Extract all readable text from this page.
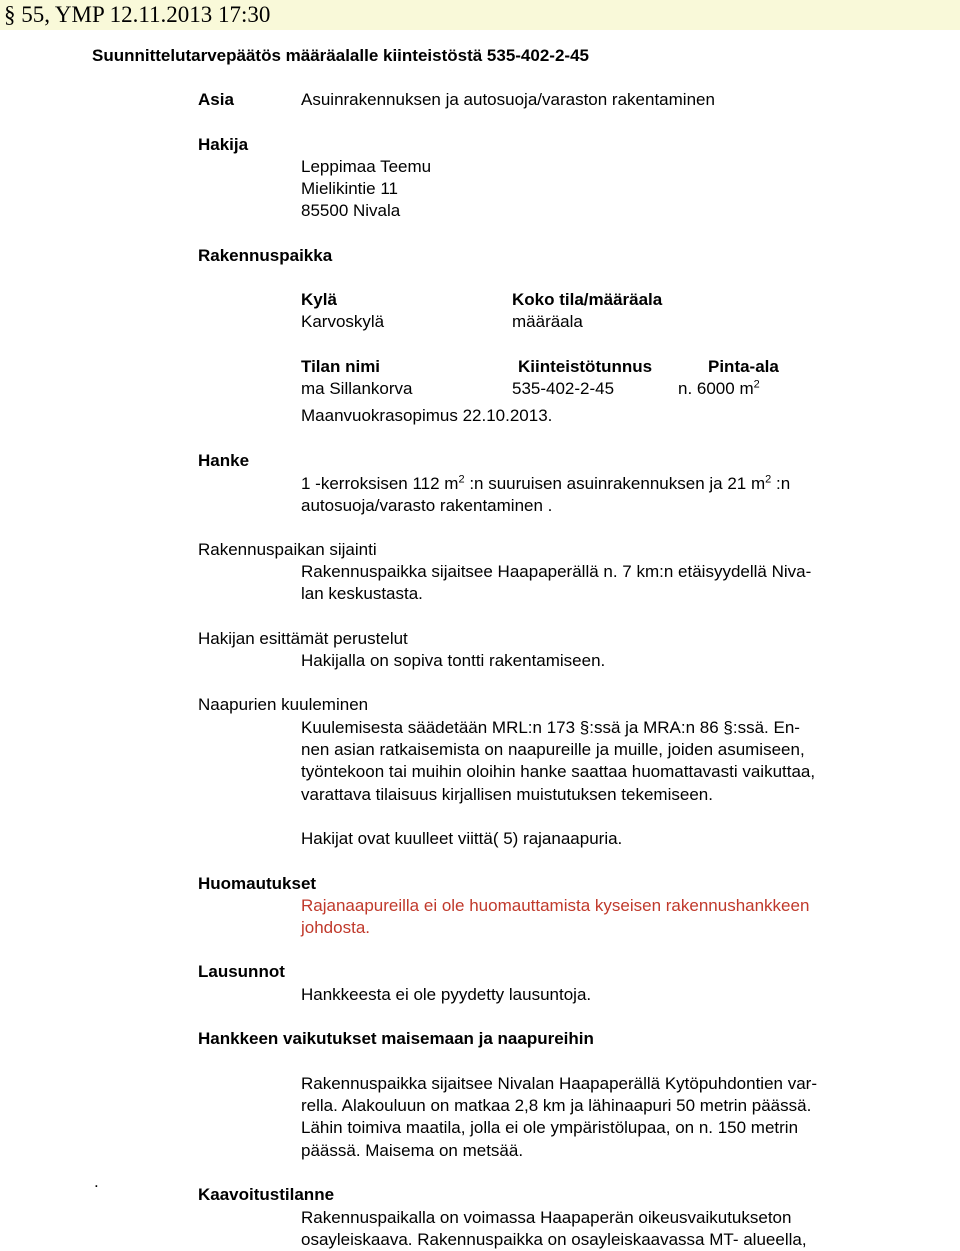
§ 55, YMP 12.11.2013 17:30
Suunnittelutarvepäätös määräalalle kiinteistöstä 535-402-2-45
Asia	Asuinrakennuksen ja autosuoja/varaston rakentaminen
Hakija
Leppimaa Teemu
Mielikintie 11
85500 Nivala
Rakennuspaikka
Kylä	Koko tila/määräala
Karvoskylä	määräala
Tilan nimi	Kiinteistötunnus	Pinta-ala
ma Sillankorva	535-402-2-45	n. 6000 $m^2$
Maanvuokrasopimus 22.10.2013.
Hanke
1 -kerroksisen 112 $m^2$ :n suuruisen asuinrakennuksen ja 21 $m^2$ :n
autosuoja/varasto rakentaminen .
Rakennuspaikan sijainti
Rakennuspaikka sijaitsee Haapaperällä n. 7 km:n etäisyydellä Niva-
lan keskustasta.
Hakijan esittämät perustelut
Hakijalla on sopiva tontti rakentamiseen.
Naapurien kuuleminen
Kuulemisesta säädetään MRL:n 173 §:ssä ja MRA:n 86 §:ssä. En-
nen asian ratkaisemista on naapureille ja muille, joiden asumiseen,
työntekoon tai muihin oloihin hanke saattaa huomattavasti vaikuttaa,
varattava tilaisuus kirjallisen muistutuksen tekemiseen.
Hakijat ovat kuulleet viittä( 5) rajanaapuria.
Huomautukset
Rajanaapureilla ei ole huomauttamista kyseisen rakennushankkeen
johdosta.
Lausunnot
Hankkeesta ei ole pyydetty lausuntoja.
Hankkeen vaikutukset maisemaan ja naapureihin
Rakennuspaikka sijaitsee Nivalan Haapaperällä Kytöpuhdontien var-
rella. Alakouluun on matkaa 2,8 km ja lähinaapuri 50 metrin päässä.
Lähin toimiva maatila, jolla ei ole ympäristölupaa, on n. 150 metrin
päässä. Maisema on metsää.
.
Kaavoitustilanne
Rakennuspaikalla on voimassa Haapaperän oikeusvaikutukseton
osayleiskaava. Rakennuspaikka on osayleiskaavassa MT- alueella,
